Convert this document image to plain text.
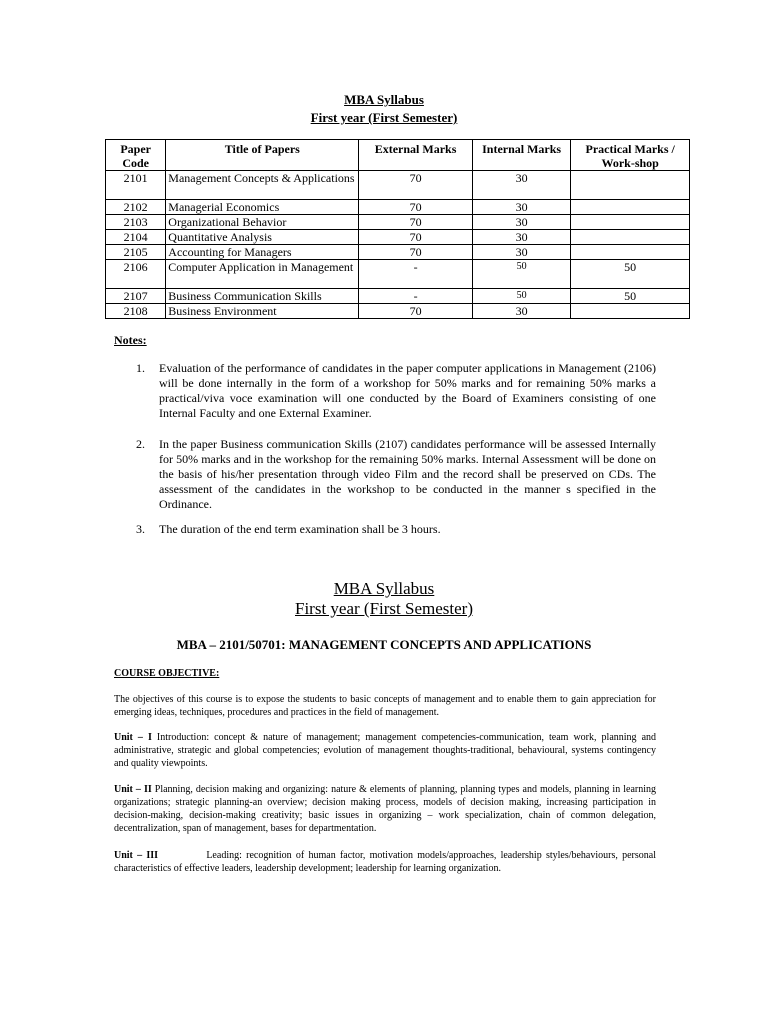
MBA Syllabus
First year (First Semester)
Paper Code	Title of Papers	External Marks	Internal Marks	Practical Marks / Work-shop
2101	Management Concepts & Applications	70	30	
2102	Managerial Economics	70	30	
2103	Organizational Behavior	70	30	
2104	Quantitative Analysis	70	30	
2105	Accounting for Managers	70	30	
2106	Computer Application in Management	-	50	50
2107	Business Communication Skills	-	50	50
2108	Business Environment	70	30	
Notes:
1. Evaluation of the performance of candidates in the paper computer applications in Management (2106) will be done internally in the form of a workshop for 50% marks and for remaining 50% marks a practical/viva voce examination will one conducted by the Board of Examiners consisting of one Internal Faculty and one External Examiner.
2. In the paper Business communication Skills (2107) candidates performance will be assessed Internally for 50% marks and in the workshop for the remaining 50% marks. Internal Assessment will be done on the basis of his/her presentation through video Film and the record shall be preserved on CDs. The assessment of the candidates in the workshop to be conducted in the manner s specified in the Ordinance.
3. The duration of the end term examination shall be 3 hours.
MBA Syllabus
First year (First Semester)
MBA – 2101/50701: MANAGEMENT CONCEPTS AND APPLICATIONS
COURSE OBJECTIVE:
The objectives of this course is to expose the students to basic concepts of management and to enable them to gain appreciation for emerging ideas, techniques, procedures and practices in the field of management.
Unit – I Introduction: concept & nature of management; management competencies-communication, team work, planning and administrative, strategic and global competencies; evolution of management thoughts-traditional, behavioural, systems contingency and quality viewpoints.
Unit – II Planning, decision making and organizing: nature & elements of planning, planning types and models, planning in learning organizations; strategic planning-an overview; decision making process, models of decision making, increasing participation in decision-making, decision-making creativity; basic issues in organizing – work specialization, chain of common delegation, decentralization, span of management, bases for departmentation.
Unit – III	Leading: recognition of human factor, motivation models/approaches, leadership styles/behaviours, personal characteristics of effective leaders, leadership development; leadership for learning organization.
